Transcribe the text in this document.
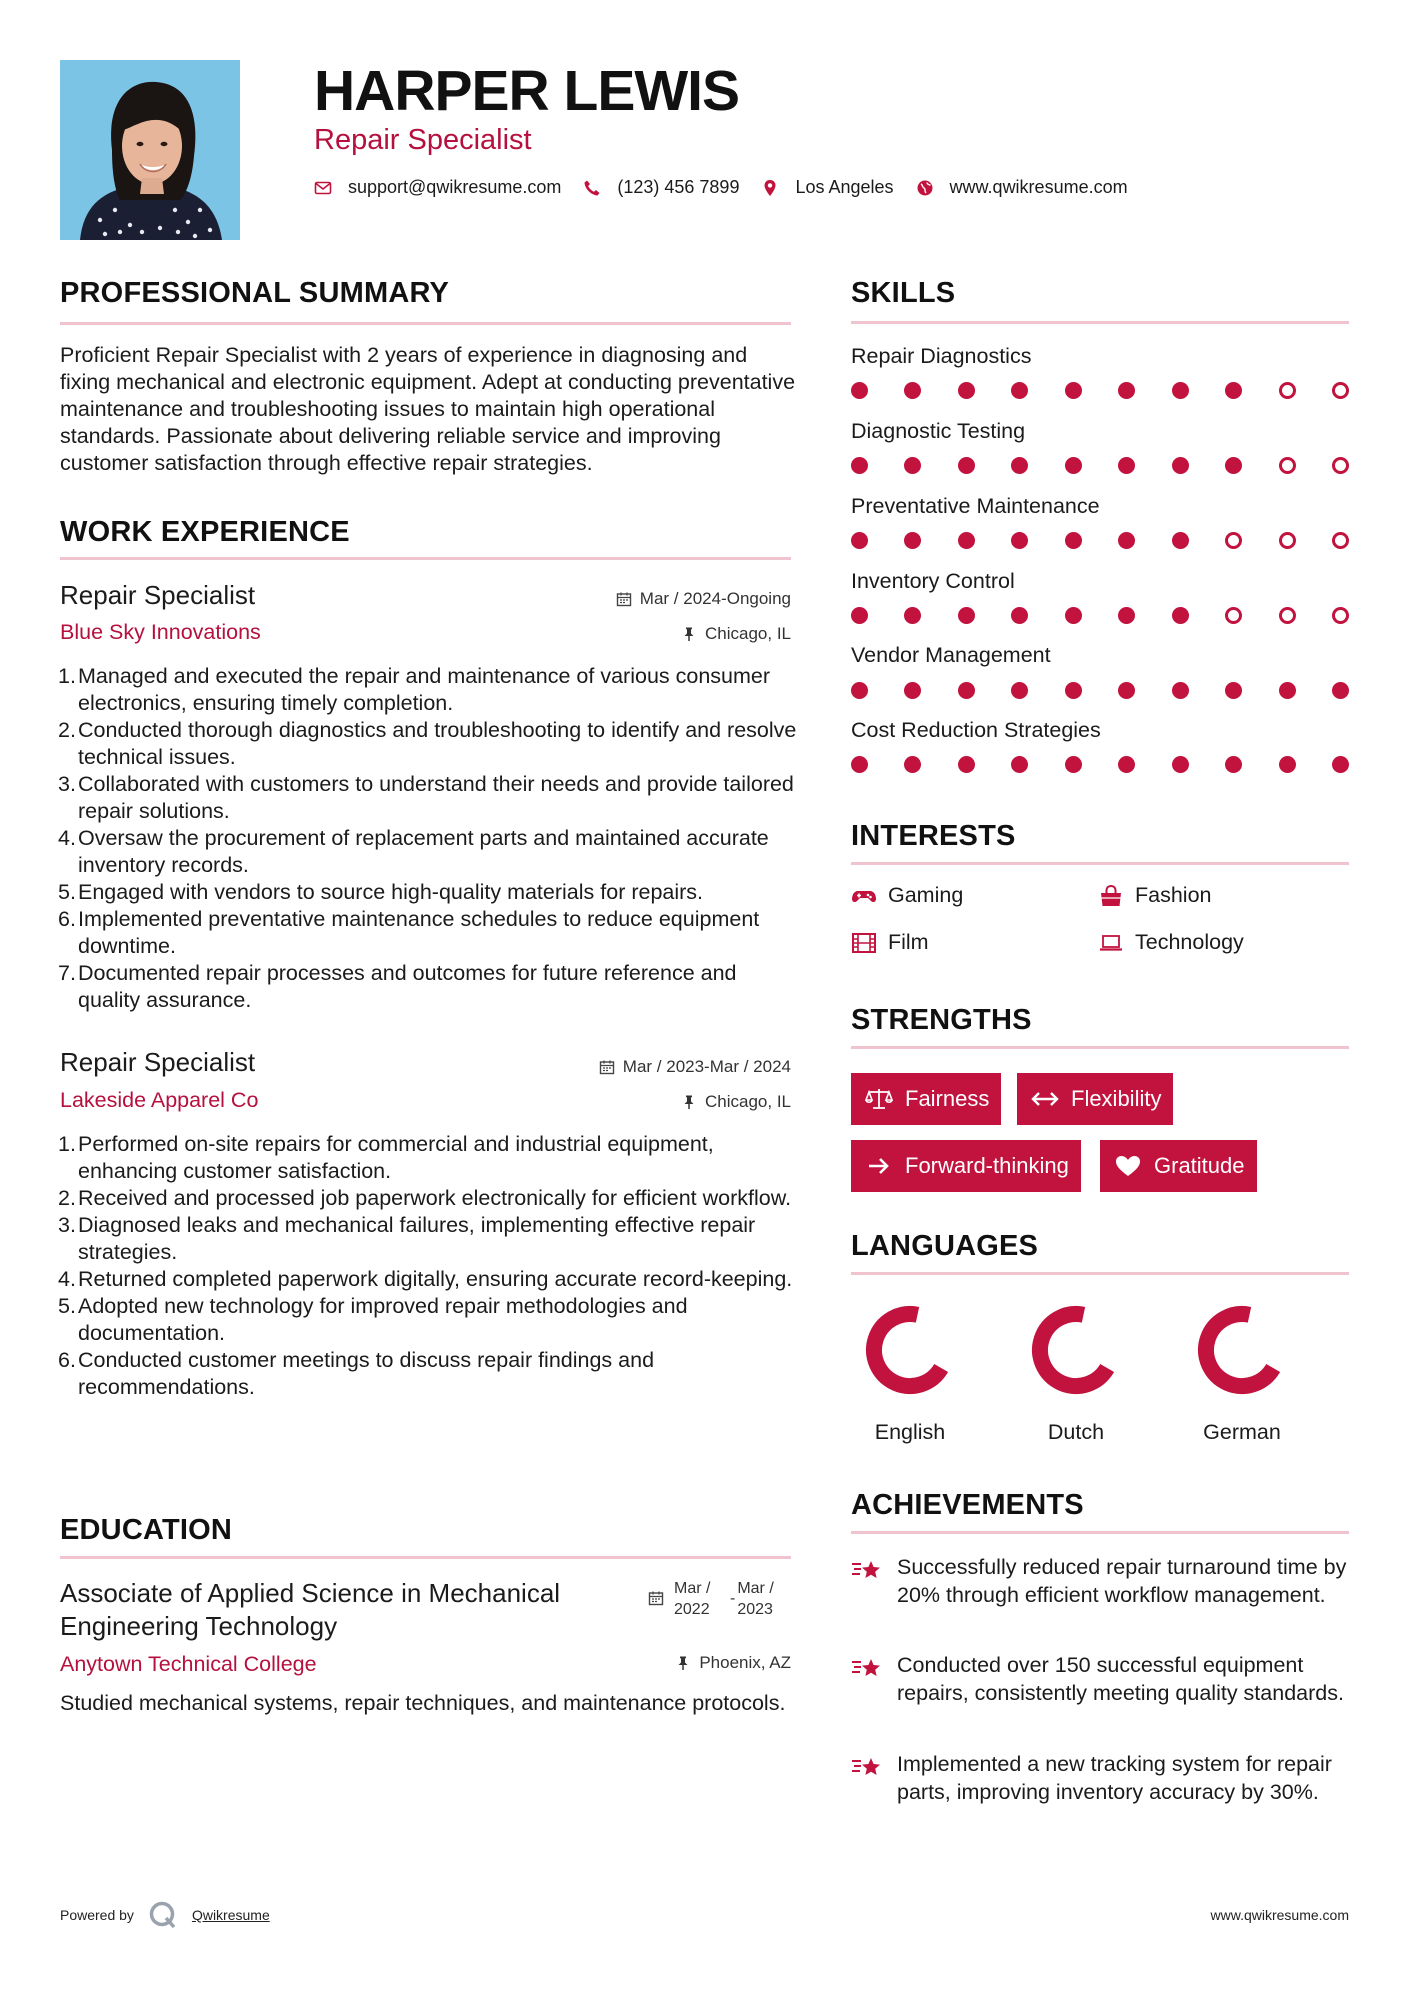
HARPER LEWIS
Repair Specialist
support@qwikresume.com	(123) 456 7899	Los Angeles	www.qwikresume.com
PROFESSIONAL SUMMARY
Proficient Repair Specialist with 2 years of experience in diagnosing and fixing mechanical and electronic equipment. Adept at conducting preventative maintenance and troubleshooting issues to maintain high operational standards. Passionate about delivering reliable service and improving customer satisfaction through effective repair strategies.
WORK EXPERIENCE
Repair Specialist	Mar / 2024-Ongoing
Blue Sky Innovations	Chicago, IL
Managed and executed the repair and maintenance of various consumer electronics, ensuring timely completion.
Conducted thorough diagnostics and troubleshooting to identify and resolve technical issues.
Collaborated with customers to understand their needs and provide tailored repair solutions.
Oversaw the procurement of replacement parts and maintained accurate inventory records.
Engaged with vendors to source high-quality materials for repairs.
Implemented preventative maintenance schedules to reduce equipment downtime.
Documented repair processes and outcomes for future reference and quality assurance.
Repair Specialist	Mar / 2023-Mar / 2024
Lakeside Apparel Co	Chicago, IL
Performed on-site repairs for commercial and industrial equipment, enhancing customer satisfaction.
Received and processed job paperwork electronically for efficient workflow.
Diagnosed leaks and mechanical failures, implementing effective repair strategies.
Returned completed paperwork digitally, ensuring accurate record-keeping.
Adopted new technology for improved repair methodologies and documentation.
Conducted customer meetings to discuss repair findings and recommendations.
EDUCATION
Associate of Applied Science in Mechanical Engineering Technology
Mar / 2022
-
Mar / 2023
Anytown Technical College	Phoenix, AZ
Studied mechanical systems, repair techniques, and maintenance protocols.
SKILLS
Repair Diagnostics
Diagnostic Testing
Preventative Maintenance
Inventory Control
Vendor Management
Cost Reduction Strategies
INTERESTS
Gaming	Fashion
Film	Technology
STRENGTHS
Fairness	Flexibility
Forward-thinking	Gratitude
LANGUAGES
English	Dutch	German
ACHIEVEMENTS
Successfully reduced repair turnaround time by 20% through efficient workflow management.
Conducted over 150 successful equipment repairs, consistently meeting quality standards.
Implemented a new tracking system for repair parts, improving inventory accuracy by 30%.
Powered by	Qwikresume	www.qwikresume.com
